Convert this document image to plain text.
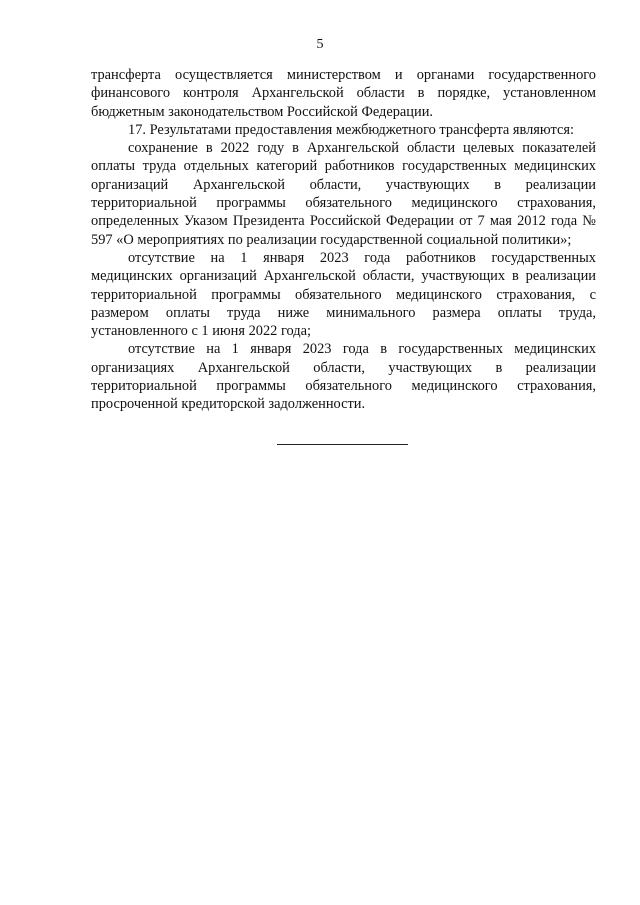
5

трансферта осуществляется министерством и органами государственного финансового контроля Архангельской области в порядке, установленном бюджетным законодательством Российской Федерации.

17. Результатами предоставления межбюджетного трансферта являются:

сохранение в 2022 году в Архангельской области целевых показателей оплаты труда отдельных категорий работников государственных медицинских организаций Архангельской области, участвующих в реализации территориальной программы обязательного медицинского страхования, определенных Указом Президента Российской Федерации от 7 мая 2012 года № 597 «О мероприятиях по реализации государственной социальной политики»;

отсутствие на 1 января 2023 года работников государственных медицинских организаций Архангельской области, участвующих в реализации территориальной программы обязательного медицинского страхования, с размером оплаты труда ниже минимального размера оплаты труда, установленного с 1 июня 2022 года;

отсутствие на 1 января 2023 года в государственных медицинских организациях Архангельской области, участвующих в реализации территориальной программы обязательного медицинского страхования, просроченной кредиторской задолженности.
